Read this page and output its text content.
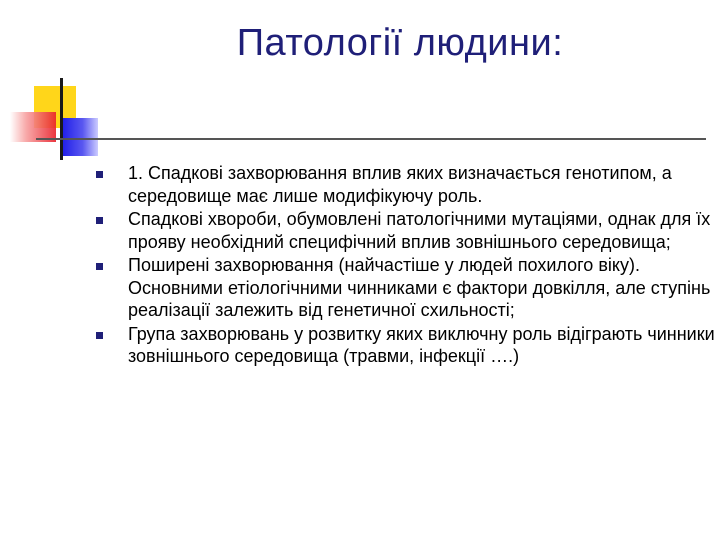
Патології людини:
1. Спадкові захворювання вплив яких визначається генотипом, а середовище має лише модифікуючу роль.
Спадкові хвороби, обумовлені патологічними мутаціями, однак для їх прояву необхідний специфічний вплив зовнішнього середовища;
Поширені захворювання (найчастіше у людей похилого віку). Основними етіологічними чинниками є фактори довкілля, але ступінь реалізації залежить від генетичної схильності;
Група захворювань у розвитку яких виключну роль відіграють чинники зовнішнього середовища (травми, інфекції ….)
